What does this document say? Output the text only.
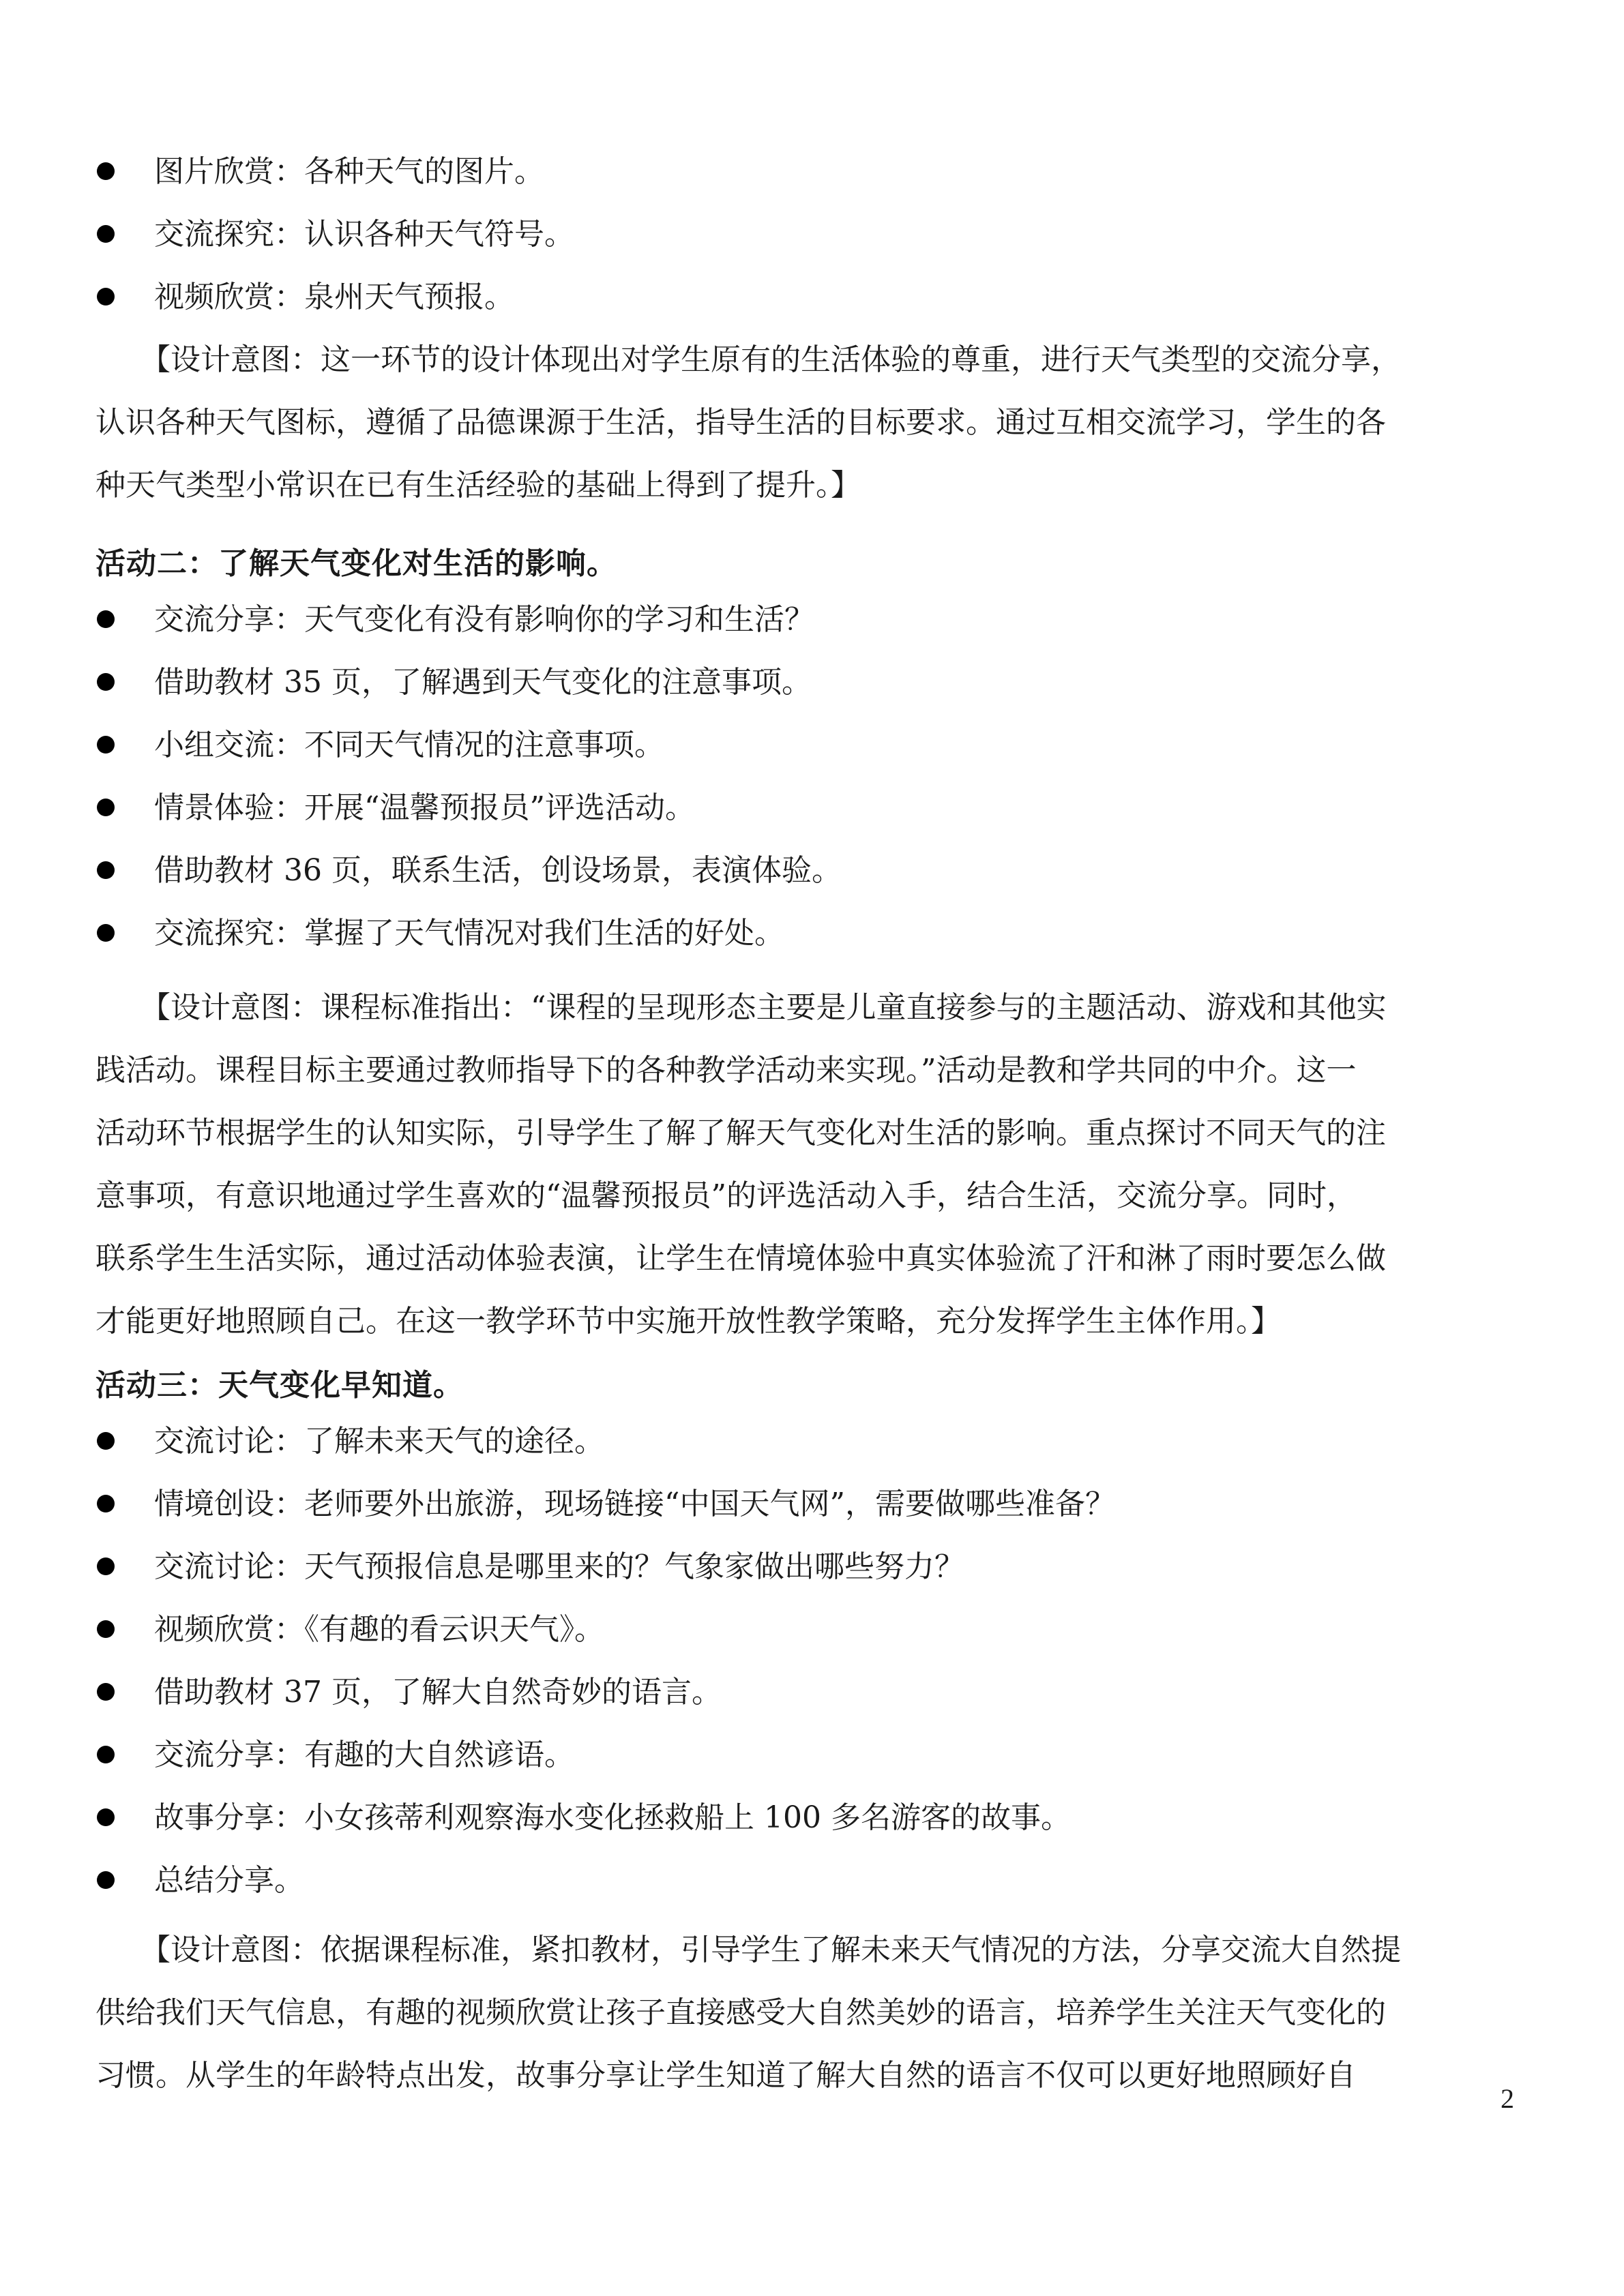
图片欣赏：各种天气的图片。
交流探究：认识各种天气符号。
视频欣赏：泉州天气预报。
　　【设计意图：这一环节的设计体现出对学生原有的生活体验的尊重，进行天气类型的交流分享，
认识各种天气图标，遵循了品德课源于生活，指导生活的目标要求。通过互相交流学习，学生的各
种天气类型小常识在已有生活经验的基础上得到了提升。】
活动二：了解天气变化对生活的影响。
交流分享：天气变化有没有影响你的学习和生活？
借助教材 35 页，了解遇到天气变化的注意事项。
小组交流：不同天气情况的注意事项。
情景体验：开展“温馨预报员”评选活动。
借助教材 36 页，联系生活，创设场景，表演体验。
交流探究：掌握了天气情况对我们生活的好处。
　　【设计意图：课程标准指出：“课程的呈现形态主要是儿童直接参与的主题活动、游戏和其他实
践活动。课程目标主要通过教师指导下的各种教学活动来实现。”活动是教和学共同的中介。这一
活动环节根据学生的认知实际，引导学生了解了解天气变化对生活的影响。重点探讨不同天气的注
意事项，有意识地通过学生喜欢的“温馨预报员”的评选活动入手，结合生活，交流分享。同时，
联系学生生活实际，通过活动体验表演，让学生在情境体验中真实体验流了汗和淋了雨时要怎么做
才能更好地照顾自己。在这一教学环节中实施开放性教学策略，充分发挥学生主体作用。】
活动三：天气变化早知道。
交流讨论：了解未来天气的途径。
情境创设：老师要外出旅游，现场链接“中国天气网”，需要做哪些准备？
交流讨论：天气预报信息是哪里来的？气象家做出哪些努力？
视频欣赏：《有趣的看云识天气》。
借助教材 37 页，了解大自然奇妙的语言。
交流分享：有趣的大自然谚语。
故事分享：小女孩蒂利观察海水变化拯救船上 100 多名游客的故事。
总结分享。
　　【设计意图：依据课程标准，紧扣教材，引导学生了解未来天气情况的方法，分享交流大自然提
供给我们天气信息，有趣的视频欣赏让孩子直接感受大自然美妙的语言，培养学生关注天气变化的
习惯。从学生的年龄特点出发，故事分享让学生知道了解大自然的语言不仅可以更好地照顾好自
2
